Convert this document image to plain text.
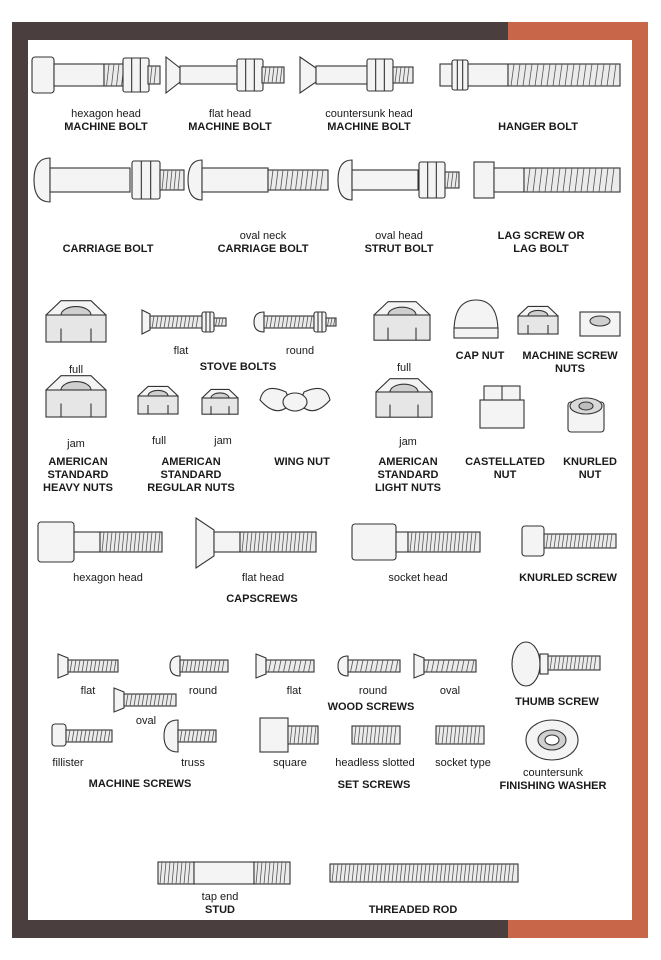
hexagon head
MACHINE BOLT
flat head
MACHINE BOLT
countersunk head
MACHINE BOLT	HANGER BOLT
CARRIAGE BOLT
oval neck
CARRIAGE BOLT
oval head
STRUT BOLT
LAG SCREW OR
LAG BOLT
full
flat	round
STOVE BOLTS	full
CAP NUT	MACHINE SCREW
NUTS
jam	full	jam	jam
AMERICAN
STANDARD
HEAVY NUTS
AMERICAN
STANDARD
REGULAR NUTS
WING NUT	AMERICAN
STANDARD
LIGHT NUTS
CASTELLATED
NUT
KNURLED
NUT
hexagon head	flat head	socket head
CAPSCREWS
KNURLED SCREW
flat	round
oval
flat	round	oval
WOOD SCREWS	THUMB SCREW
fillister	truss	square	headless slotted	socket type
countersunk
FINISHING WASHER
MACHINE SCREWS	SET SCREWS
tap end
STUD	THREADED ROD
